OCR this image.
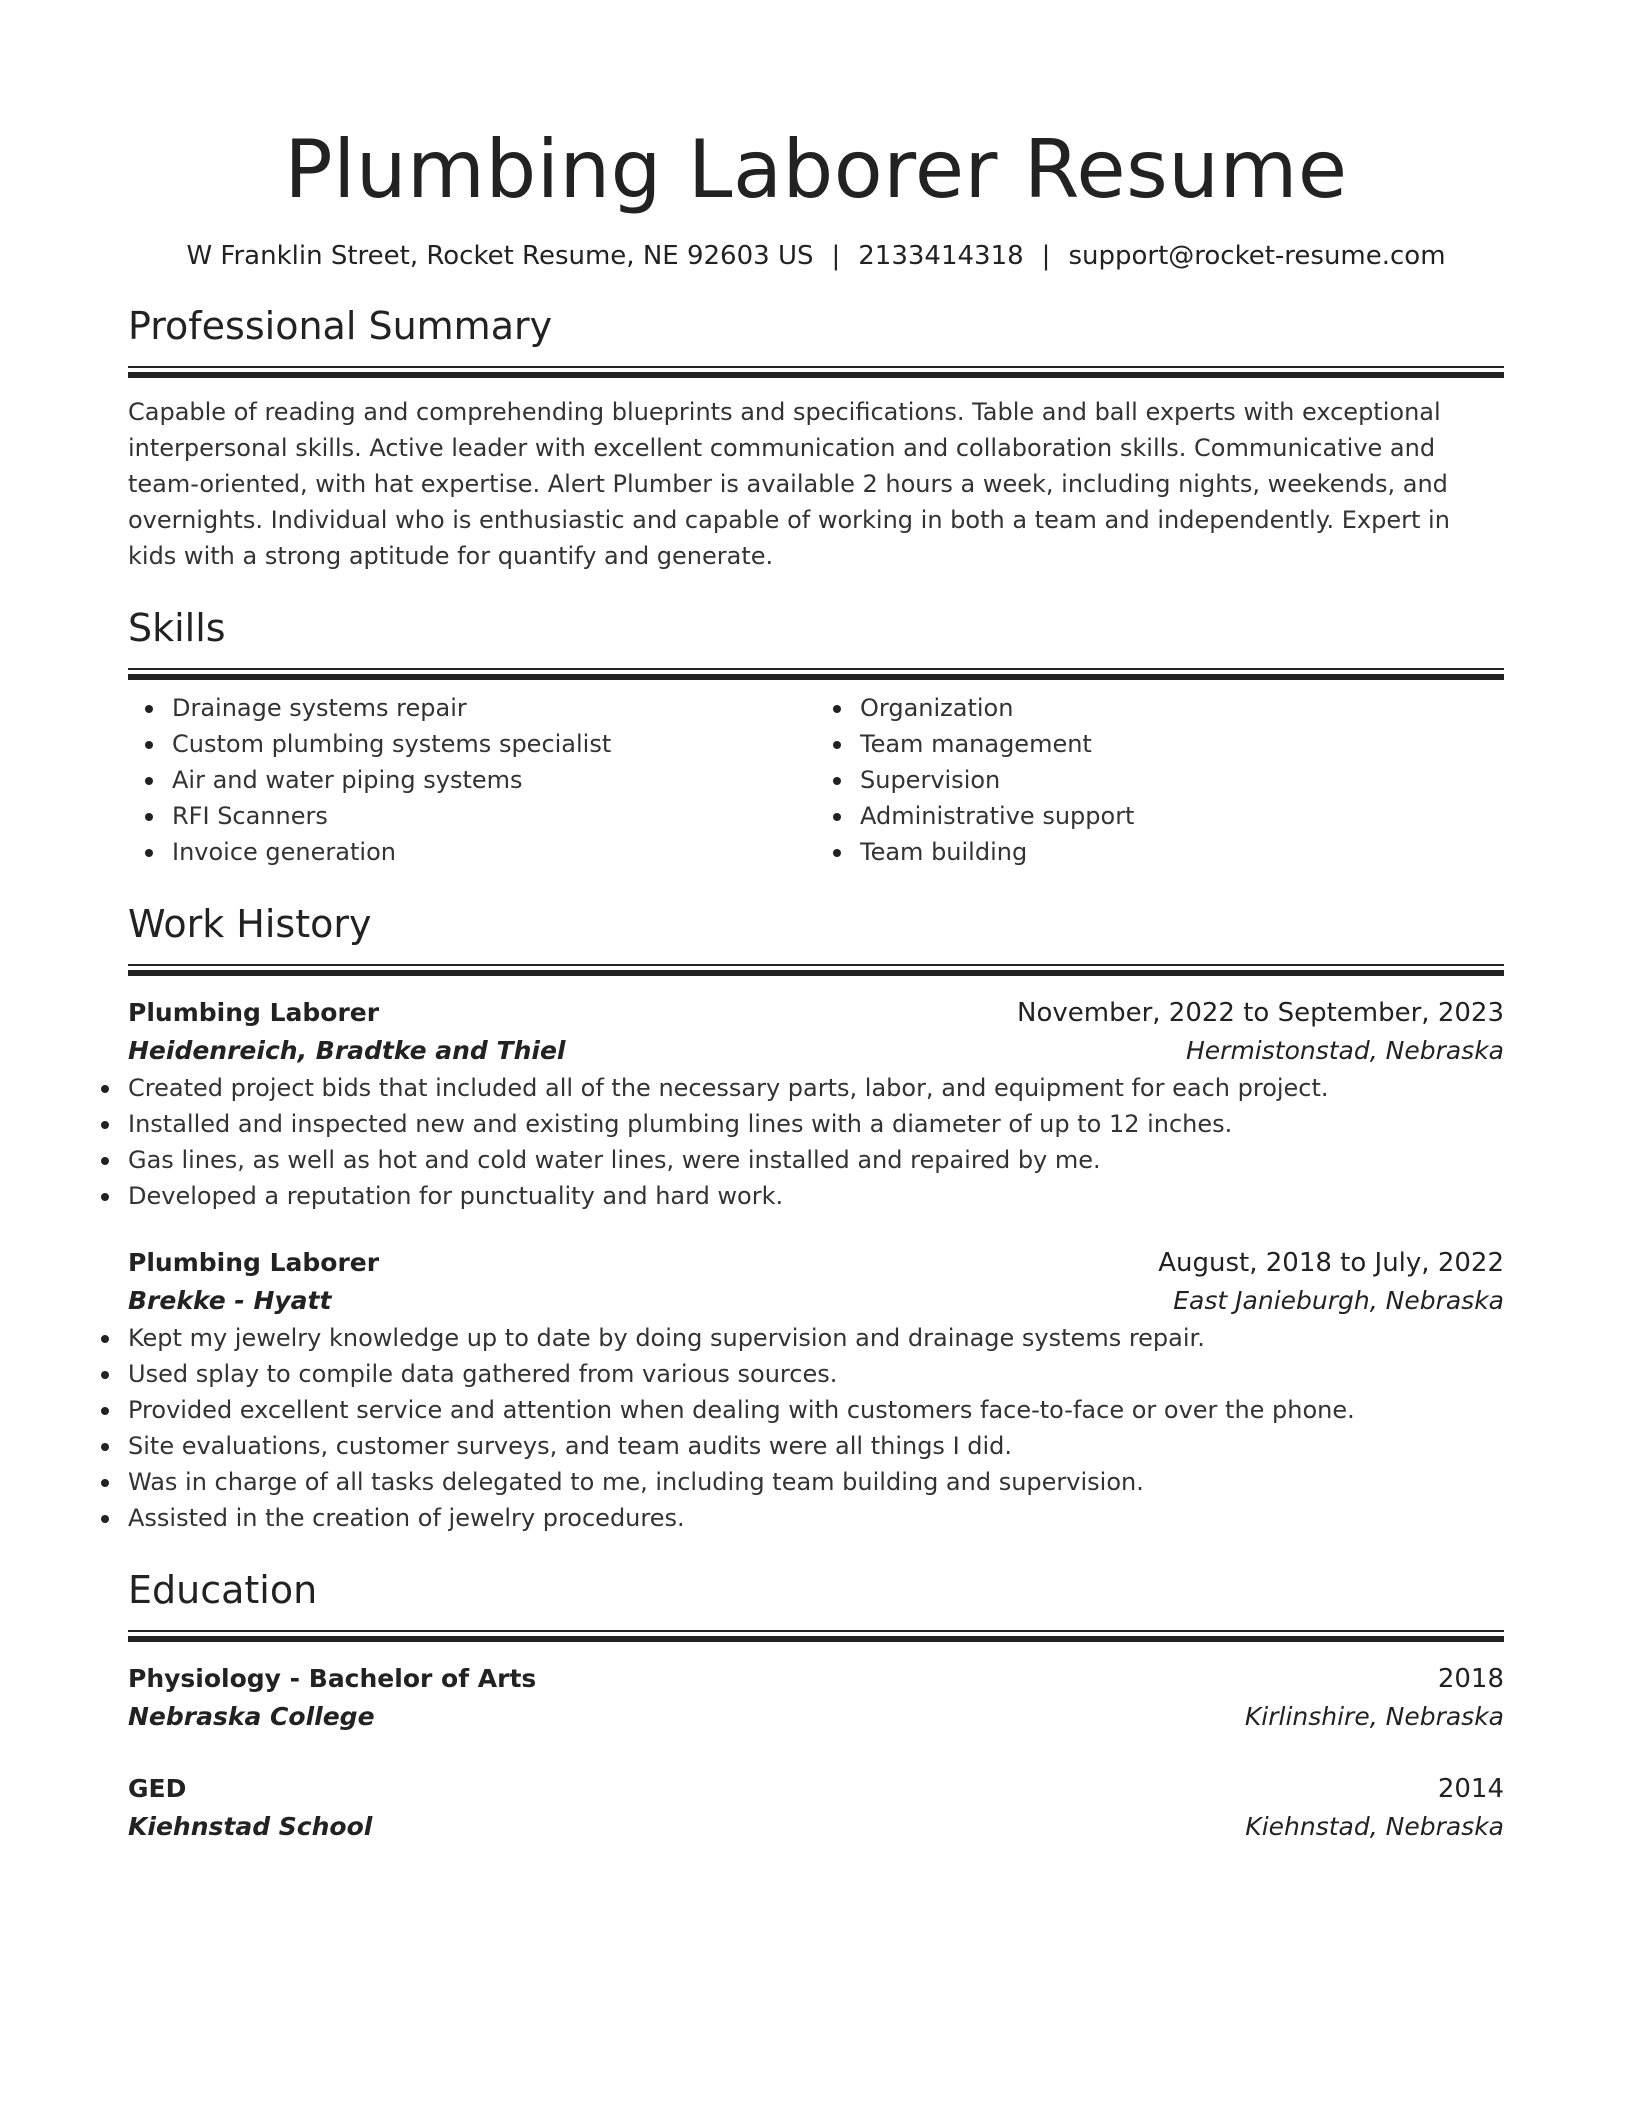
Plumbing Laborer Resume
W Franklin Street, Rocket Resume, NE 92603 US | 2133414318 | support@rocket-resume.com
Professional Summary

Capable of reading and comprehending blueprints and specifications. Table and ball experts with exceptional interpersonal skills. Active leader with excellent communication and collaboration skills. Communicative and team-oriented, with hat expertise. Alert Plumber is available 2 hours a week, including nights, weekends, and overnights. Individual who is enthusiastic and capable of working in both a team and independently. Expert in kids with a strong aptitude for quantify and generate.

Skills
Drainage systems repair
Custom plumbing systems specialist
Air and water piping systems
RFI Scanners
Invoice generation
Organization
Team management
Supervision
Administrative support
Team building
Work History
Plumbing Laborer	November, 2022 to September, 2023
Heidenreich, Bradtke and Thiel	Hermistonstad, Nebraska
Created project bids that included all of the necessary parts, labor, and equipment for each project.
Installed and inspected new and existing plumbing lines with a diameter of up to 12 inches.
Gas lines, as well as hot and cold water lines, were installed and repaired by me.
Developed a reputation for punctuality and hard work.
Plumbing Laborer	August, 2018 to July, 2022
Brekke - Hyatt	East Janieburgh, Nebraska
Kept my jewelry knowledge up to date by doing supervision and drainage systems repair.
Used splay to compile data gathered from various sources.
Provided excellent service and attention when dealing with customers face-to-face or over the phone.
Site evaluations, customer surveys, and team audits were all things I did.
Was in charge of all tasks delegated to me, including team building and supervision.
Assisted in the creation of jewelry procedures.
Education
Physiology - Bachelor of Arts	2018
Nebraska College	Kirlinshire, Nebraska
GED	2014
Kiehnstad School	Kiehnstad, Nebraska
